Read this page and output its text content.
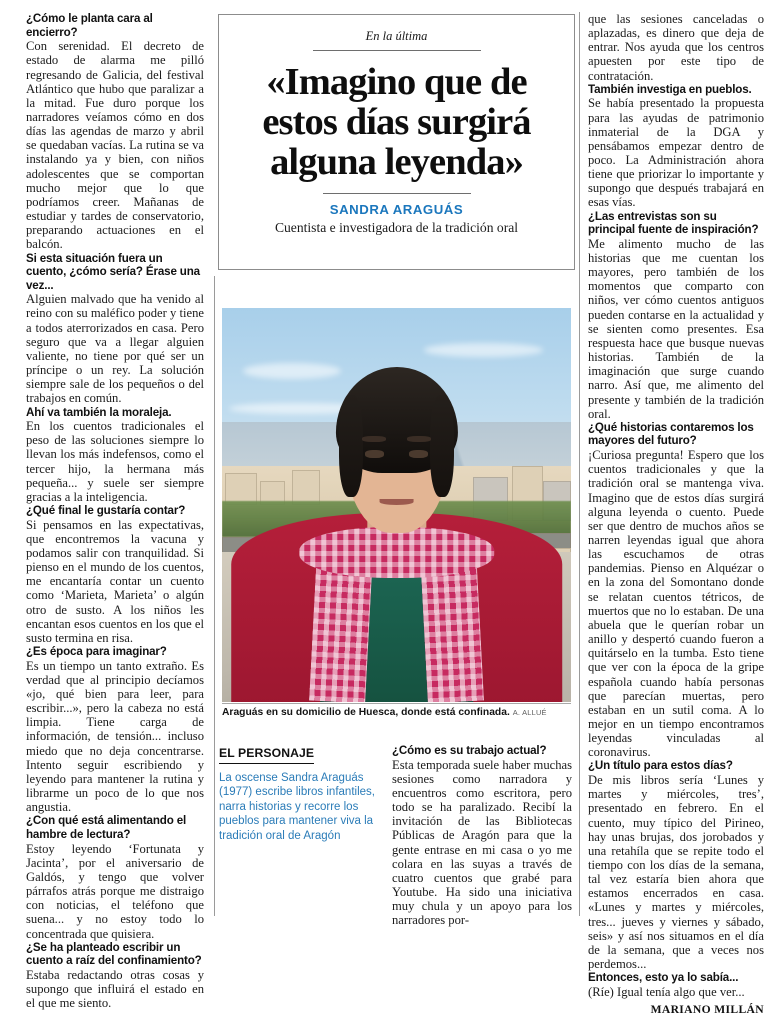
¿Cómo le planta cara al encierro?

Con serenidad. El decreto de estado de alarma me pilló regresando de Galicia, del festival Atlántico que hubo que paralizar a la mitad. Fue duro porque los narradores veíamos cómo en dos días las agendas de marzo y abril se quedaban vacías. La rutina se va instalando ya y bien, con niños adolescentes que se comportan mucho mejor que lo que podríamos creer. Mañanas de estudiar y tardes de conservatorio, preparando actuaciones en el balcón.

Si esta situación fuera un cuento, ¿cómo sería? Érase una vez...

Alguien malvado que ha venido al reino con su maléfico poder y tiene a todos aterrorizados en casa. Pero seguro que va a llegar alguien valiente, no tiene por qué ser un príncipe o un rey. La solución siempre sale de los pequeños o del trabajos en común.

Ahí va también la moraleja.

En los cuentos tradicionales el peso de las soluciones siempre lo llevan los más indefensos, como el tercer hijo, la hermana más pequeña... y suele ser siempre gracias a la inteligencia.

¿Qué final le gustaría contar?

Si pensamos en las expectativas, que encontremos la vacuna y podamos salir con tranquilidad. Si pienso en el mundo de los cuentos, me encantaría contar un cuento como ‘Marieta, Marieta’ o algún otro de susto. A los niños les encantan esos cuentos en los que el susto termina en risa.

¿Es época para imaginar?

Es un tiempo un tanto extraño. Es verdad que al principio decíamos «jo, qué bien para leer, para escribir...», pero la cabeza no está limpia. Tiene carga de información, de tensión... incluso miedo que no deja concentrarse. Intento seguir escribiendo y leyendo para mantener la rutina y librarme un poco de lo que nos angustia.

¿Con qué está alimentando el hambre de lectura?

Estoy leyendo ‘Fortunata y Jacinta’, por el aniversario de Galdós, y tengo que volver párrafos atrás porque me distraigo con noticias, el teléfono que suena... y no estoy todo lo concentrada que quisiera.

¿Se ha planteado escribir un cuento a raíz del confinamiento?

Estaba redactando otras cosas y supongo que influirá el estado en el que me siento.

En la última
«Imagino que de estos días surgirá alguna leyenda»
SANDRA ARAGUÁS
Cuentista e investigadora de la tradición oral
Araguás en su domicilio de Huesca, donde está confinada. A. ALLUÉ
EL PERSONAJE
La oscense Sandra Araguás (1977) escribe libros infantiles, narra historias y recorre los pueblos para mantener viva la tradición oral de Aragón
¿Cómo es su trabajo actual?

Esta temporada suele haber muchas sesiones como narradora y encuentros como escritora, pero todo se ha paralizado. Recibí la invitación de las Bibliotecas Públicas de Aragón para que la gente entrase en mi casa o yo me colara en las suyas a través de cuatro cuentos que grabé para Youtube. Ha sido una iniciativa muy chula y un apoyo para los narradores por-

que las sesiones canceladas o aplazadas, es dinero que deja de entrar. Nos ayuda que los centros apuesten por este tipo de contratación.

También investiga en pueblos.

Se había presentado la propuesta para las ayudas de patrimonio inmaterial de la DGA y pensábamos empezar dentro de poco. La Administración ahora tiene que priorizar lo importante y supongo que después trabajará en esas vías.

¿Las entrevistas son su principal fuente de inspiración?

Me alimento mucho de las historias que me cuentan los mayores, pero también de los momentos que comparto con niños, ver cómo cuentos antiguos pueden contarse en la actualidad y se sienten como presentes. Esa respuesta hace que busque nuevas historias. También de la imaginación que surge cuando narro. Así que, me alimento del presente y también de la tradición oral.

¿Qué historias contaremos los mayores del futuro?

¡Curiosa pregunta! Espero que los cuentos tradicionales y que la tradición oral se mantenga viva. Imagino que de estos días surgirá alguna leyenda o cuento. Puede ser que dentro de muchos años se narren leyendas igual que ahora las escuchamos de otras pandemias. Pienso en Alquézar o en la zona del Somontano donde se relatan cuentos tétricos, de muertos que no lo estaban. De una abuela que le querían robar un anillo y despertó cuando fueron a quitárselo en la tumba. Esto tiene que ver con la época de la gripe española cuando había personas que parecían muertas, pero estaban en un sutil coma. A lo mejor en un tiempo encontramos leyendas vinculadas al coronavirus.

¿Un título para estos días?

De mis libros sería ‘Lunes y martes y miércoles, tres’, presentado en febrero. En el cuento, muy típico del Pirineo, hay unas brujas, dos jorobados y una retahíla que se repite todo el tiempo con los días de la semana, tal vez estaría bien ahora que estamos encerrados en casa. «Lunes y martes y miércoles, tres... jueves y viernes y sábado, seis» y así nos situamos en el día de la semana, que a veces nos perdemos...

Entonces, esto ya lo sabía...

(Ríe) Igual tenía algo que ver...

MARIANO MILLÁN
